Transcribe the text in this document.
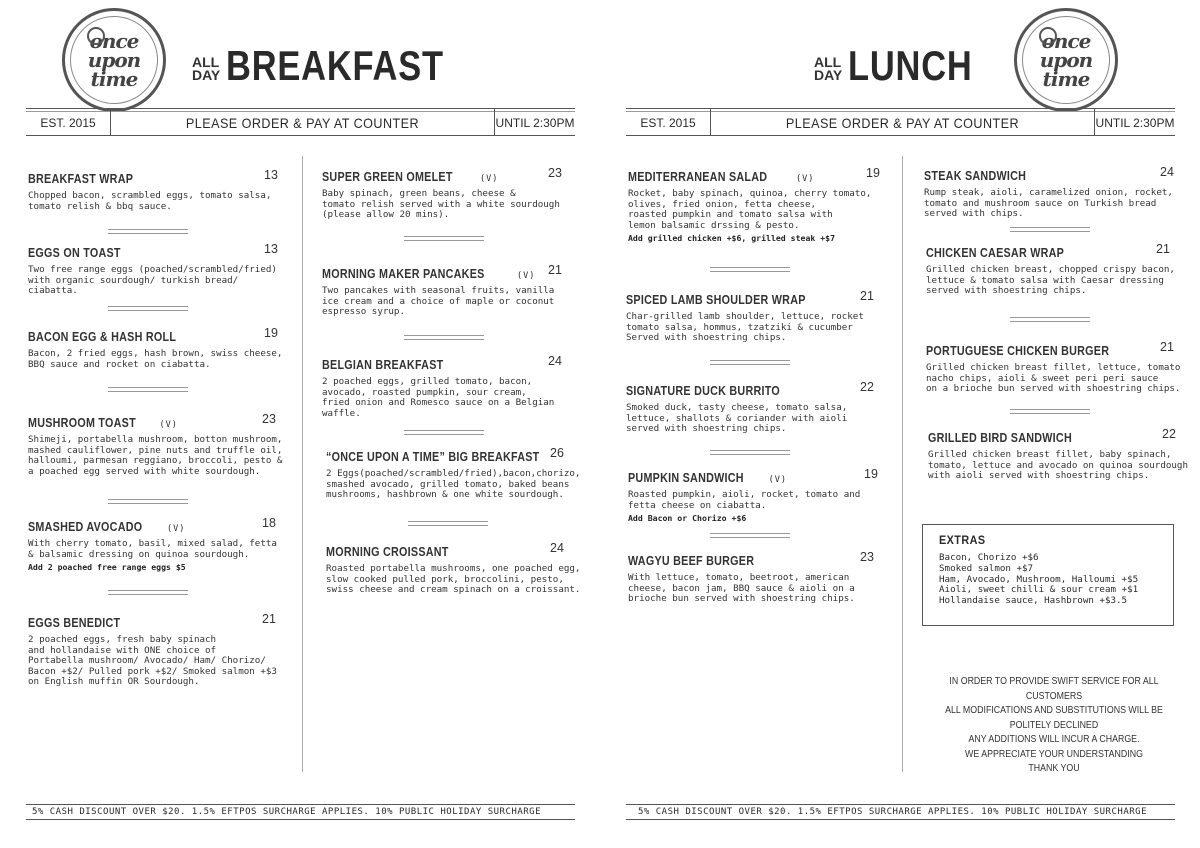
once
upon
time
ALL
DAY BREAKFAST
EST. 2015	PLEASE ORDER & PAY AT COUNTER	UNTIL 2:30PM
BREAKFAST WRAP	13
Chopped bacon, scrambled eggs, tomato salsa,
tomato relish & bbq sauce.
EGGS ON TOAST	13
Two free range eggs (poached/scrambled/fried)
with organic sourdough/ turkish bread/ ciabatta.
BACON EGG & HASH ROLL	19
Bacon, 2 fried eggs, hash brown, swiss cheese,
BBQ sauce and rocket on ciabatta.
MUSHROOM TOAST	(V)	23
Shimeji, portabella mushroom, botton mushroom,
mashed cauliflower, pine nuts and truffle oil,
halloumi, parmesan reggiano, broccoli, pesto &
a poached egg served with white sourdough.
SMASHED AVOCADO	(V)	18
With cherry tomato, basil, mixed salad, fetta
& balsamic dressing on quinoa sourdough.
Add 2 poached free range eggs $5
EGGS BENEDICT	21
2 poached eggs, fresh baby spinach
and hollandaise with ONE choice of
Portabella mushroom/ Avocado/ Ham/ Chorizo/
Bacon +$2/ Pulled pork +$2/ Smoked salmon +$3
on English muffin OR Sourdough.
SUPER GREEN OMELET	(V)	23
Baby spinach, green beans, cheese &
tomato relish served with a white sourdough
(please allow 20 mins).
MORNING MAKER PANCAKES	(V) 21
Two pancakes with seasonal fruits, vanilla
ice cream and a choice of maple or coconut
espresso syrup.
BELGIAN BREAKFAST	24
2 poached eggs, grilled tomato, bacon,
avocado, roasted pumpkin, sour cream,
fried onion and Romesco sauce on a Belgian
waffle.
“ONCE UPON A TIME” BIG BREAKFAST 26
2 Eggs(poached/scrambled/fried),bacon,chorizo,
smashed avocado, grilled tomato, baked beans
mushrooms, hashbrown & one white sourdough.
MORNING CROISSANT	24
Roasted portabella mushrooms, one poached egg,
slow cooked pulled pork, broccolini, pesto,
swiss cheese and cream spinach on a croissant.
5% CASH DISCOUNT OVER $20. 1.5% EFTPOS SURCHARGE APPLIES. 10% PUBLIC HOLIDAY SURCHARGE
once
upon
time
ALL
DAY LUNCH
EST. 2015	PLEASE ORDER & PAY AT COUNTER	UNTIL 2:30PM
MEDITERRANEAN SALAD	(V)	19
Rocket, baby spinach, quinoa, cherry tomato,
olives, fried onion, fetta cheese,
roasted pumpkin and tomato salsa with
lemon balsamic drssing & pesto.
Add grilled chicken +$6, grilled steak +$7
SPICED LAMB SHOULDER WRAP	21
Char-grilled lamb shoulder, lettuce, rocket
tomato salsa, hommus, tzatziki & cucumber
Served with shoestring chips.
SIGNATURE DUCK BURRITO	22
Smoked duck, tasty cheese, tomato salsa,
lettuce, shallots & coriander with aioli
served with shoestring chips.
PUMPKIN SANDWICH	(V)	19
Roasted pumpkin, aioli, rocket, tomato and
fetta cheese on ciabatta.
Add Bacon or Chorizo +$6
WAGYU BEEF BURGER	23
With lettuce, tomato, beetroot, american
cheese, bacon jam, BBQ sauce & aioli on a
brioche bun served with shoestring chips.
STEAK SANDWICH	24
Rump steak, aioli, caramelized onion, rocket,
tomato and mushroom sauce on Turkish bread
served with chips.
CHICKEN CAESAR WRAP	21
Grilled chicken breast, chopped crispy bacon,
lettuce & tomato salsa with Caesar dressing
served with shoestring chips.
PORTUGUESE CHICKEN BURGER	21
Grilled chicken breast fillet, lettuce, tomato
nacho chips, aioli & sweet peri peri sauce
on a brioche bun served with shoestring chips.
GRILLED BIRD SANDWICH	22
Grilled chicken breast fillet, baby spinach,
tomato, lettuce and avocado on quinoa sourdough
with aioli served with shoestring chips.
5% CASH DISCOUNT OVER $20. 1.5% EFTPOS SURCHARGE APPLIES. 10% PUBLIC HOLIDAY SURCHARGE
EXTRAS
Bacon, Chorizo +$6
Smoked salmon +$7
Ham, Avocado, Mushroom, Halloumi +$5
Aioli, sweet chilli & sour cream +$1
Hollandaise sauce, Hashbrown +$3.5
IN ORDER TO PROVIDE SWIFT SERVICE FOR ALL CUSTOMERS
ALL MODIFICATIONS AND SUBSTITUTIONS WILL BE POLITELY DECLINED
ANY ADDITIONS WILL INCUR A CHARGE.
WE APPRECIATE YOUR UNDERSTANDING
THANK YOU
